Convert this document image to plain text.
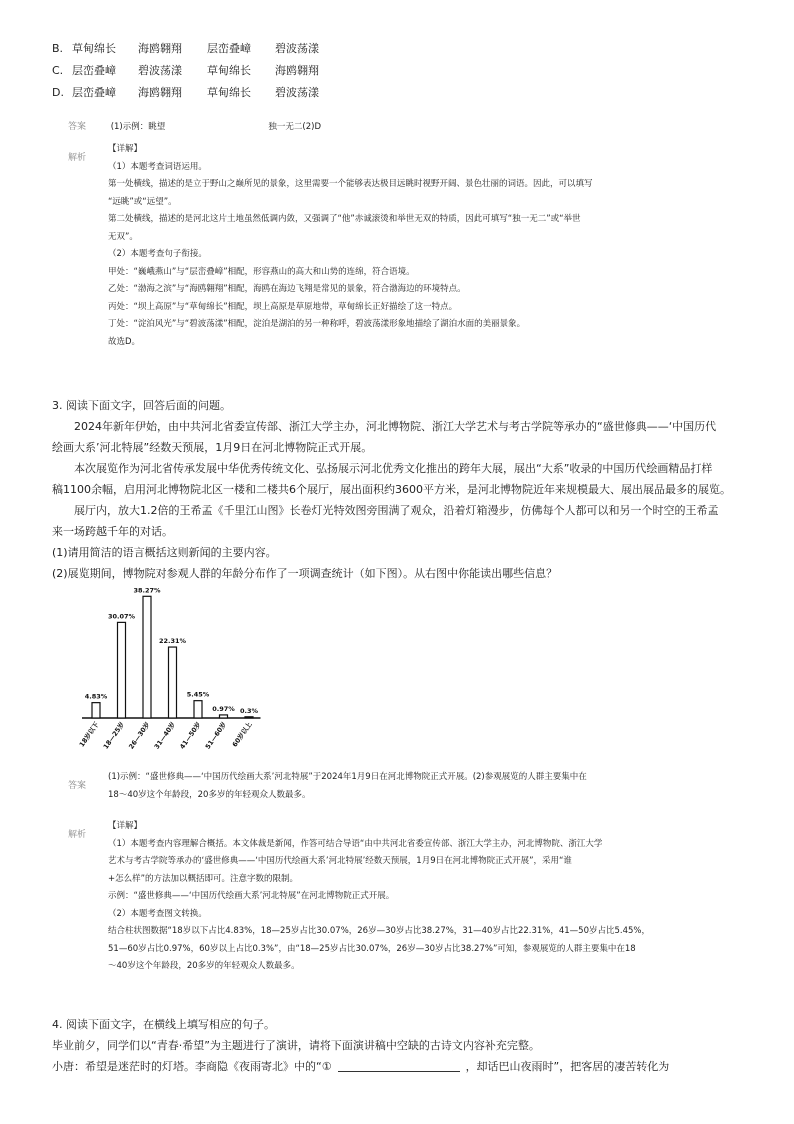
B. 草甸绵长	海鸥翱翔	层峦叠嶂	碧波荡漾
C. 层峦叠嶂	碧波荡漾	草甸绵长	海鸥翱翔
D. 层峦叠嶂	海鸥翱翔	草甸绵长	碧波荡漾
答案	(1)示例：眺望	独一无二(2)D
解析
【详解】
（1）本题考查词语运用。
第一处横线，描述的是立于野山之巅所见的景象，这里需要一个能够表达极目远眺时视野开阔、景色壮丽的词语。因此，可以填写
“远眺”或“远望”。
第二处横线，描述的是河北这片土地虽然低调内敛，又强调了“他”赤诚滚烫和举世无双的特质，因此可填写“独一无二”或“举世
无双”。
（2）本题考查句子衔接。
甲处：“巍峨燕山”与“层峦叠嶂”相配，形容燕山的高大和山势的连绵，符合语境。
乙处：“渤海之滨”与“海鸥翱翔”相配，海鸥在海边飞翔是常见的景象，符合渤海边的环境特点。
丙处：“坝上高原”与“草甸绵长”相配，坝上高原是草原地带，草甸绵长正好描绘了这一特点。
丁处：“淀泊风光”与“碧波荡漾”相配，淀泊是湖泊的另一种称呼，碧波荡漾形象地描绘了湖泊水面的美丽景象。
故选D。
3. 阅读下面文字，回答后面的问题。
2024年新年伊始，由中共河北省委宣传部、浙江大学主办，河北博物院、浙江大学艺术与考古学院等承办的“盛世修典——‘中国历代
绘画大系’河北特展”经数天预展，1月9日在河北博物院正式开展。
本次展览作为河北省传承发展中华优秀传统文化、弘扬展示河北优秀文化推出的跨年大展，展出“大系”收录的中国历代绘画精品打样
稿1100余幅，启用河北博物院北区一楼和二楼共6个展厅，展出面积约3600平方米，是河北博物院近年来规模最大、展出展品最多的展览。
展厅内，放大1.2倍的王希孟《千里江山图》长卷灯光特效图旁围满了观众，沿着灯箱漫步，仿佛每个人都可以和另一个时空的王希孟
来一场跨越千年的对话。
(1)请用简洁的语言概括这则新闻的主要内容。
(2)展览期间，博物院对参观人群的年龄分布作了一项调查统计（如下图）。从右图中你能读出哪些信息？
4.83%
18岁以下
30.07%
18—25岁
38.27%
26—30岁
22.31%
31—40岁
5.45%
41—50岁
0.97%
51—60岁
0.3%
60岁以上
答案
(1)示例：“盛世修典——‘中国历代绘画大系’河北特展”于2024年1月9日在河北博物院正式开展。(2)参观展览的人群主要集中在
18～40岁这个年龄段，20多岁的年轻观众人数最多。
解析
【详解】
（1）本题考查内容理解合概括。本文体裁是新闻，作答可结合导语“由中共河北省委宣传部、浙江大学主办，河北博物院、浙江大学
艺术与考古学院等承办的‘盛世修典——‘中国历代绘画大系’河北特展’经数天预展，1月9日在河北博物院正式开展”，采用“谁
+怎么样”的方法加以概括即可。注意字数的限制。
示例：“盛世修典——‘中国历代绘画大系’河北特展”在河北博物院正式开展。
（2）本题考查图文转换。
结合柱状图数据“18岁以下占比4.83%，18—25岁占比30.07%，26岁—30岁占比38.27%，31—40岁占比22.31%，41—50岁占比5.45%，
51—60岁占比0.97%，60岁以上占比0.3%”，由“18—25岁占比30.07%，26岁—30岁占比38.27%”可知，参观展览的人群主要集中在18
～40岁这个年龄段，20多岁的年轻观众人数最多。
4. 阅读下面文字，在横线上填写相应的句子。
毕业前夕，同学们以“青春·希望”为主题进行了演讲，请将下面演讲稿中空缺的古诗文内容补充完整。
小唐：希望是迷茫时的灯塔。李商隐《夜雨寄北》中的“①	，却话巴山夜雨时”，把客居的凄苦转化为
